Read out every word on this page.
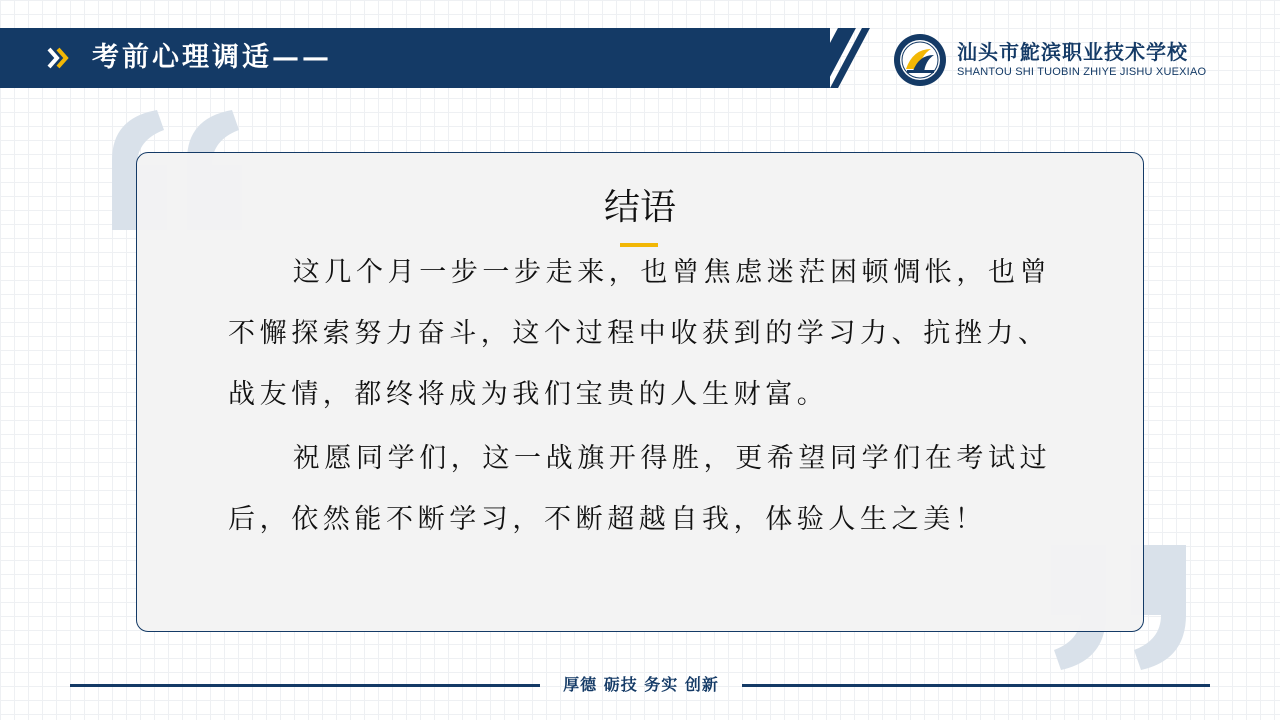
考前心理调适——	汕头市鮀滨职业技术学校
SHANTOU SHI TUOBIN ZHIYE JISHU XUEXIAO
结语

这几个月一步一步走来，也曾焦虑迷茫困顿惆怅，也曾不懈探索努力奋斗，这个过程中收获到的学习力、抗挫力、战友情，都终将成为我们宝贵的人生财富。

祝愿同学们，这一战旗开得胜，更希望同学们在考试过后，依然能不断学习，不断超越自我，体验人生之美！

厚德 砺技 务实 创新
